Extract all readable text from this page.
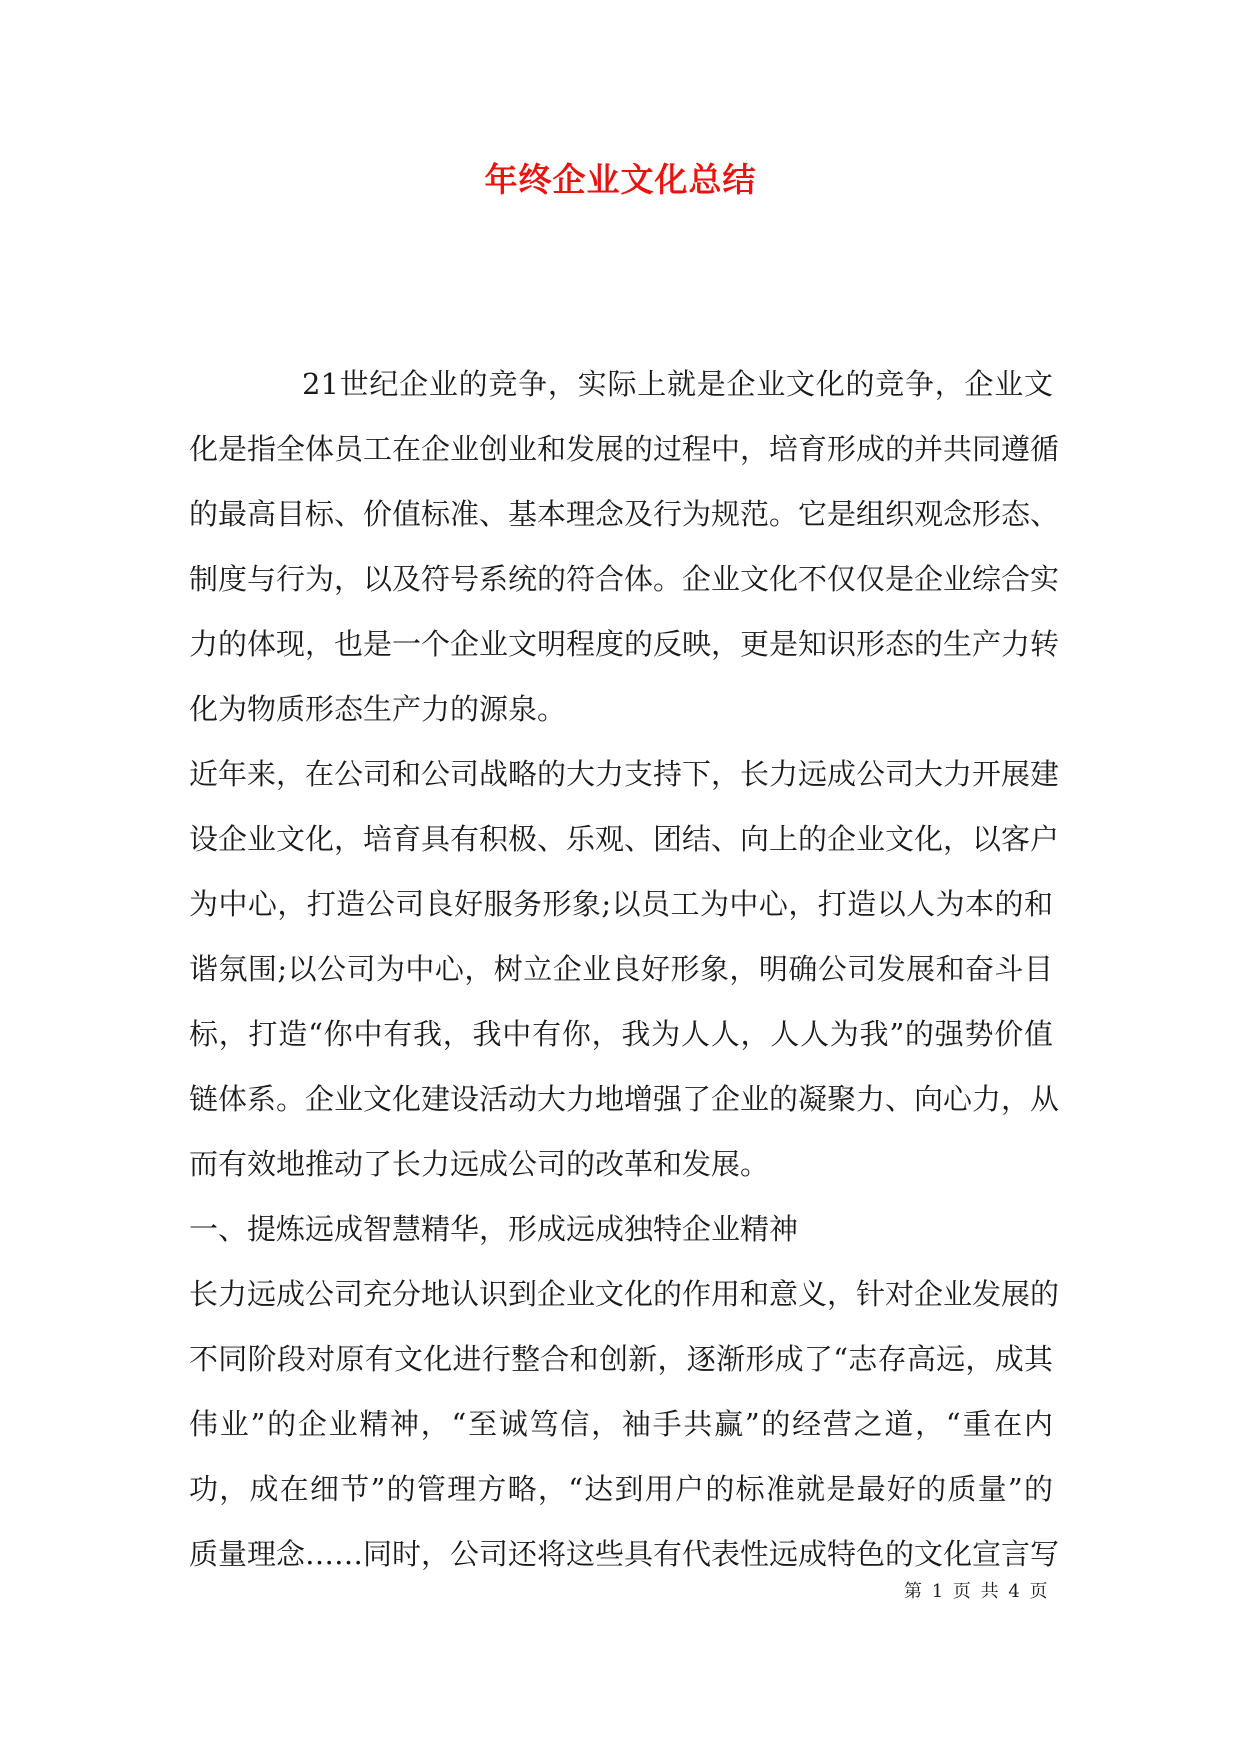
年终企业文化总结
21世纪企业的竞争，实际上就是企业文化的竞争，企业文
化是指全体员工在企业创业和发展的过程中，培育形成的并共同遵循
的最高目标、价值标准、基本理念及行为规范。它是组织观念形态、
制度与行为，以及符号系统的符合体。企业文化不仅仅是企业综合实
力的体现，也是一个企业文明程度的反映，更是知识形态的生产力转
化为物质形态生产力的源泉。
近年来，在公司和公司战略的大力支持下，长力远成公司大力开展建
设企业文化，培育具有积极、乐观、团结、向上的企业文化，以客户
为中心，打造公司良好服务形象;以员工为中心，打造以人为本的和
谐氛围;以公司为中心，树立企业良好形象，明确公司发展和奋斗目
标，打造“你中有我，我中有你，我为人人，人人为我”的强势价值
链体系。企业文化建设活动大力地增强了企业的凝聚力、向心力，从
而有效地推动了长力远成公司的改革和发展。
一、提炼远成智慧精华，形成远成独特企业精神
长力远成公司充分地认识到企业文化的作用和意义，针对企业发展的
不同阶段对原有文化进行整合和创新，逐渐形成了“志存高远，成其
伟业”的企业精神，“至诚笃信，袖手共赢”的经营之道，“重在内
功，成在细节”的管理方略，“达到用户的标准就是最好的质量”的
质量理念……同时，公司还将这些具有代表性远成特色的文化宣言写
第 1 页 共 4 页
